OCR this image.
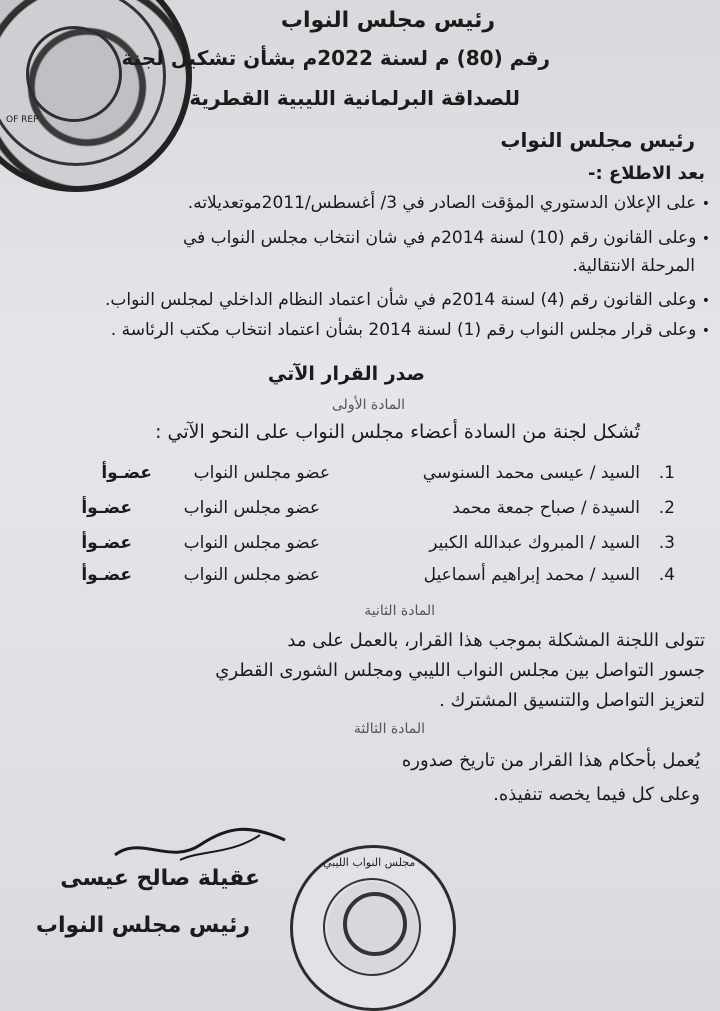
OF REP
رئيس مجلس النواب
رقم (80) م لسنة 2022م بشأن تشكيل لجنة
للصداقة البرلمانية الليبية القطرية
رئيس مجلس النواب
بعد الاطلاع :-
• على الإعلان الدستوري المؤقت الصادر في 3/ أغسطس/2011موتعديلاته.
• وعلى القانون رقم (10) لسنة 2014م في شان انتخاب مجلس النواب في
المرحلة الانتقالية.
• وعلى القانون رقم (4) لسنة 2014م في شأن اعتماد النظام الداخلي لمجلس النواب.
• وعلى قرار مجلس النواب رقم (1) لسنة 2014 بشأن اعتماد انتخاب مكتب الرئاسة .
صدر القرار الآتي
المادة الأولى
تُشكل لجنة من السادة أعضاء مجلس النواب على النحو الآتي :
1.
السيد / عيسى محمد السنوسي
عضو مجلس النواب
عضـوأ
2.
السيدة / صباح جمعة محمد
عضو مجلس النواب
عضـوأ
3.
السيد / المبروك عبدالله الكبير
عضو مجلس النواب
عضـوأ
4.
السيد / محمد إبراهيم أسماعيل
عضو مجلس النواب
عضـوأ
المادة الثانية
تتولى اللجنة المشكلة بموجب هذا القرار، بالعمل على مد
جسور التواصل بين مجلس النواب الليبي ومجلس الشورى القطري
لتعزيز التواصل والتنسيق المشترك .
المادة الثالثة
يُعمل بأحكام هذا القرار من تاريخ صدوره
وعلى كل فيما يخصه تنفيذه.
عقيلة صالح عيسى
رئيس مجلس النواب
مجلس النواب الليبي
